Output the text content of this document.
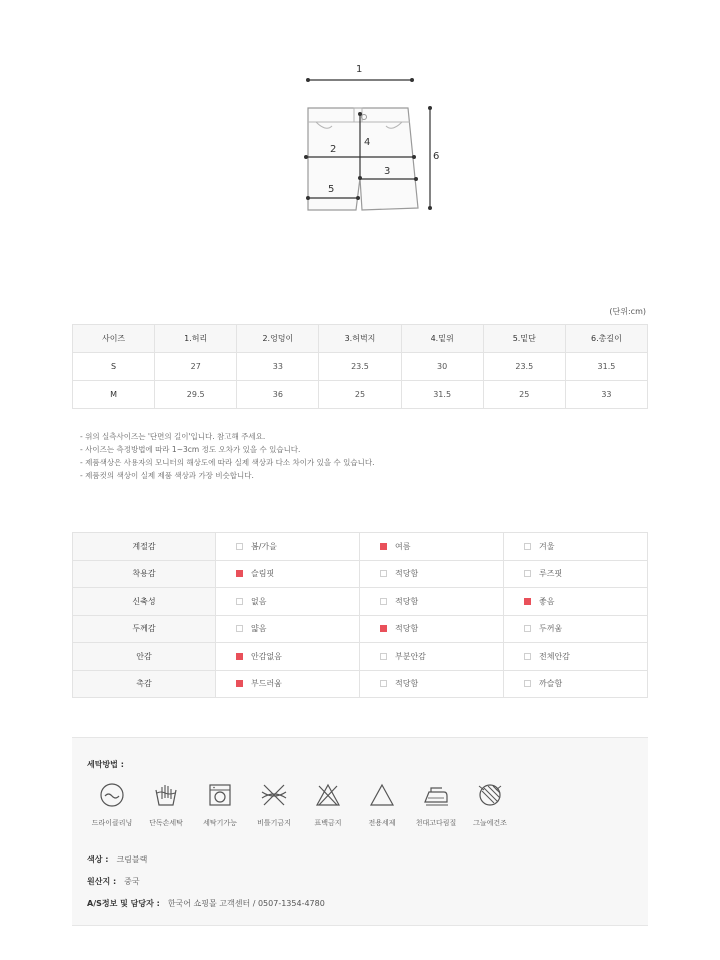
1
2
3
4
5
6
(단위:cm)
사이즈	1.허리	2.엉덩이	3.허벅지	4.밑위	5.밑단	6.총길이
S	27	33	23.5	30	23.5	31.5
M	29.5	36	25	31.5	25	33
- 위의 실측사이즈는 '단면의 길이'입니다. 참고해 주세요.
- 사이즈는 측정방법에 따라 1~3cm 정도 오차가 있을 수 있습니다.
- 제품색상은 사용자의 모니터의 해상도에 따라 실제 색상과 다소 차이가 있을 수 있습니다.
- 제품컷의 색상이 실제 제품 색상과 가장 비슷합니다.
계절감	봄/가을	여름	겨울
착용감	슬림핏	적당함	루즈핏
신축성	없음	적당함	좋음
두께감	얇음	적당함	두꺼움
안감	안감없음	부분안감	전체안감
촉감	부드러움	적당함	까슬함
세탁방법 :
드라이클리닝	단독손세탁	세탁기가능	비틀기금지	표백금지	전용세제	천대고다림질	그늘에건조
색상 : 크림블랙
원산지 : 중국
A/S정보 및 담당자 : 한국어 쇼핑몰 고객센터 / 0507-1354-4780
